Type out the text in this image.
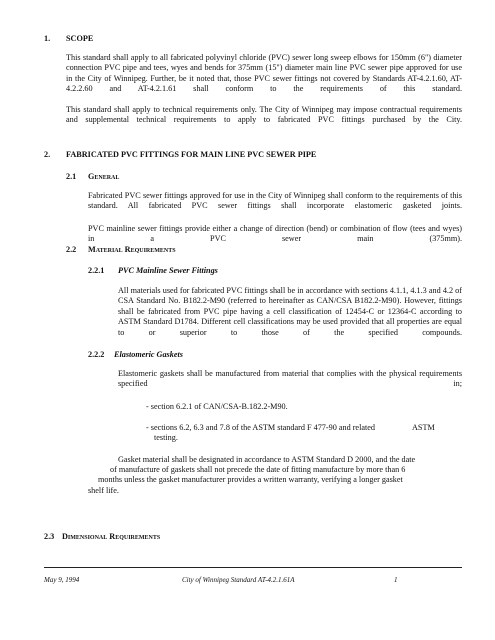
1. SCOPE

This standard shall apply to all fabricated polyvinyl chloride (PVC) sewer long sweep elbows for 150mm (6") diameter connection PVC pipe and tees, wyes and bends for 375mm (15") diameter main line PVC sewer pipe approved for use in the City of Winnipeg. Further, be it noted that, those PVC sewer fittings not covered by Standards AT-4.2.1.60, AT-4.2.2.60 and AT-4.2.1.61 shall conform to the requirements of this standard.

This standard shall apply to technical requirements only. The City of Winnipeg may impose contractual requirements and supplemental technical requirements to apply to fabricated PVC fittings purchased by the City.

2. FABRICATED PVC FITTINGS FOR MAIN LINE PVC SEWER PIPE
2.1 General

Fabricated PVC sewer fittings approved for use in the City of Winnipeg shall conform to the requirements of this standard. All fabricated PVC sewer fittings shall incorporate elastomeric gasketed joints.

PVC mainline sewer fittings provide either a change of direction (bend) or combination of flow (tees and wyes) in a PVC sewer main (375mm).

2.2 Material Requirements
2.2.1 PVC Mainline Sewer Fittings

All materials used for fabricated PVC fittings shall be in accordance with sections 4.1.1, 4.1.3 and 4.2 of CSA Standard No. B182.2-M90 (referred to hereinafter as CAN/CSA B182.2-M90). However, fittings shall be fabricated from PVC pipe having a cell classification of 12454-C or 12364-C according to ASTM Standard D1784. Different cell classifications may be used provided that all properties are equal to or superior to those of the specified compounds.

2.2.2 Elastomeric Gaskets

Elastomeric gaskets shall be manufactured from material that complies with the physical requirements specified in;

- section 6.2.1 of CAN/CSA-B.182.2-M90.
- sections 6.2, 6.3 and 7.8 of the ASTM standard F 477-90 and related	ASTM
testing.
Gasket material shall be designated in accordance to ASTM Standard D 2000, and the date
of manufacture of gaskets shall not precede the date of fitting manufacture by more than 6
months unless the gasket manufacturer provides a written warranty, verifying a longer gasket
shelf life.
2.3 Dimensional Requirements
May 9, 1994	City of Winnipeg Standard AT-4.2.1.61A	1
